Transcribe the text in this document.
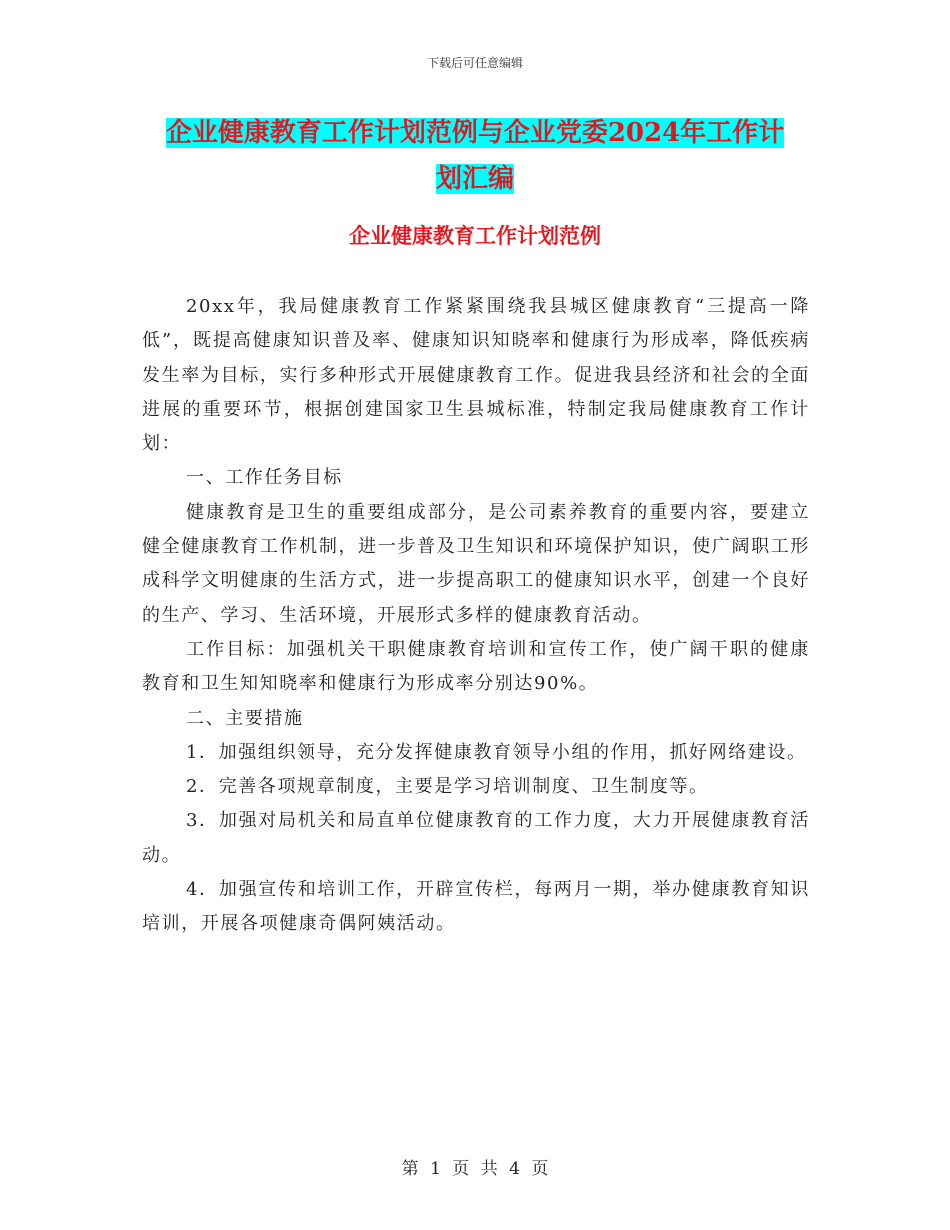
下载后可任意编辑
企业健康教育工作计划范例与企业党委2024年工作计
划汇编
企业健康教育工作计划范例

20xx年，我局健康教育工作紧紧围绕我县城区健康教育“三提高一降低”，既提高健康知识普及率、健康知识知晓率和健康行为形成率，降低疾病发生率为目标，实行多种形式开展健康教育工作。促进我县经济和社会的全面进展的重要环节，根据创建国家卫生县城标准，特制定我局健康教育工作计划：

一、工作任务目标

健康教育是卫生的重要组成部分，是公司素养教育的重要内容，要建立健全健康教育工作机制，进一步普及卫生知识和环境保护知识，使广阔职工形成科学文明健康的生活方式，进一步提高职工的健康知识水平，创建一个良好的生产、学习、生活环境，开展形式多样的健康教育活动。

工作目标：加强机关干职健康教育培训和宣传工作，使广阔干职的健康教育和卫生知知晓率和健康行为形成率分别达90%。

二、主要措施

1．加强组织领导，充分发挥健康教育领导小组的作用，抓好网络建设。

2．完善各项规章制度，主要是学习培训制度、卫生制度等。

3．加强对局机关和局直单位健康教育的工作力度，大力开展健康教育活动。

4．加强宣传和培训工作，开辟宣传栏，每两月一期，举办健康教育知识培训，开展各项健康奇偶阿姨活动。

第 1 页 共 4 页
